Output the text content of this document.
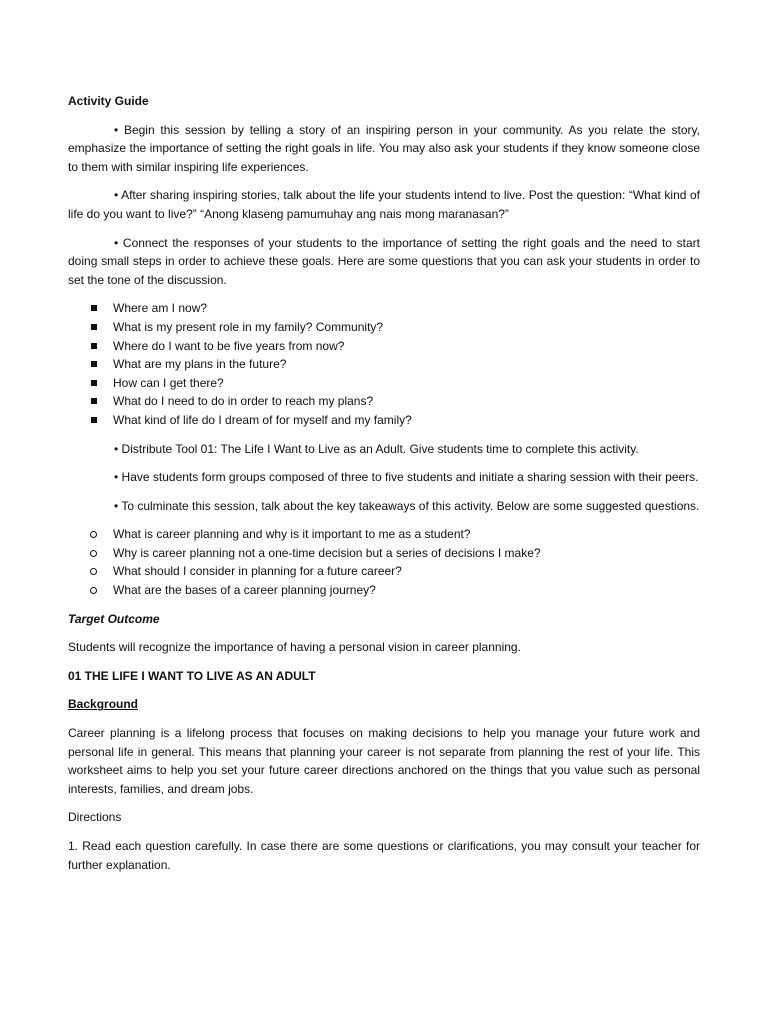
Activity Guide

• Begin this session by telling a story of an inspiring person in your community. As you relate the story, emphasize the importance of setting the right goals in life. You may also ask your students if they know someone close to them with similar inspiring life experiences.

• After sharing inspiring stories, talk about the life your students intend to live. Post the question: “What kind of life do you want to live?” “Anong klaseng pamumuhay ang nais mong maranasan?”

• Connect the responses of your students to the importance of setting the right goals and the need to start doing small steps in order to achieve these goals. Here are some questions that you can ask your students in order to set the tone of the discussion.

Where am I now?
What is my present role in my family? Community?
Where do I want to be five years from now?
What are my plans in the future?
How can I get there?
What do I need to do in order to reach my plans?
What kind of life do I dream of for myself and my family?

• Distribute Tool 01: The Life I Want to Live as an Adult. Give students time to complete this activity.

• Have students form groups composed of three to five students and initiate a sharing session with their peers.

• To culminate this session, talk about the key takeaways of this activity. Below are some suggested questions.

What is career planning and why is it important to me as a student?
Why is career planning not a one-time decision but a series of decisions I make?
What should I consider in planning for a future career?
What are the bases of a career planning journey?
Target Outcome

Students will recognize the importance of having a personal vision in career planning.

01 THE LIFE I WANT TO LIVE AS AN ADULT
Background

Career planning is a lifelong process that focuses on making decisions to help you manage your future work and personal life in general. This means that planning your career is not separate from planning the rest of your life. This worksheet aims to help you set your future career directions anchored on the things that you value such as personal interests, families, and dream jobs.

Directions

1. Read each question carefully. In case there are some questions or clarifications, you may consult your teacher for further explanation.
